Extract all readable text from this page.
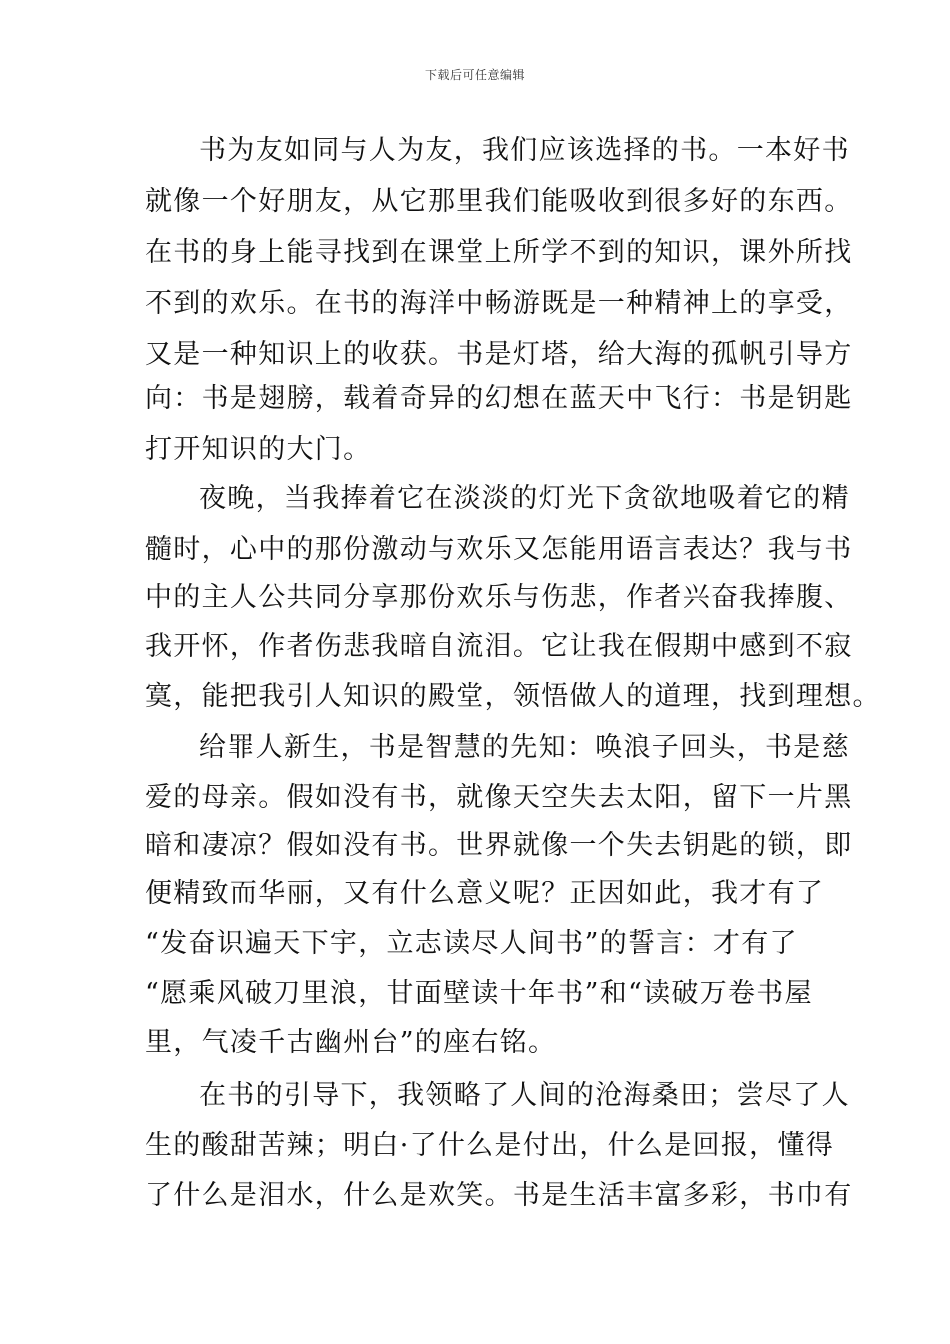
下载后可任意编辑
书为友如同与人为友，我们应该选择的书。一本好书
就像一个好朋友，从它那里我们能吸收到很多好的东西。
在书的身上能寻找到在课堂上所学不到的知识，课外所找
不到的欢乐。在书的海洋中畅游既是一种精神上的享受，
又是一种知识上的收获。书是灯塔，给大海的孤帆引导方
向：书是翅膀，载着奇异的幻想在蓝天中飞行：书是钥匙
打开知识的大门。
夜晚，当我捧着它在淡淡的灯光下贪欲地吸着它的精
髓时，心中的那份激动与欢乐又怎能用语言表达？我与书
中的主人公共同分享那份欢乐与伤悲，作者兴奋我捧腹、
我开怀，作者伤悲我暗自流泪。它让我在假期中感到不寂
寞，能把我引人知识的殿堂，领悟做人的道理，找到理想。
给罪人新生，书是智慧的先知：唤浪子回头，书是慈
爱的母亲。假如没有书，就像天空失去太阳，留下一片黑
暗和凄凉？假如没有书。世界就像一个失去钥匙的锁，即
便精致而华丽，又有什么意义呢？正因如此，我才有了
“发奋识遍天下宇，立志读尽人间书”的誓言：才有了
“愿乘风破刀里浪，甘面壁读十年书”和“读破万卷书屋
里，气凌千古幽州台”的座右铭。
在书的引导下，我领略了人间的沧海桑田；尝尽了人
生的酸甜苦辣；明白·了什么是付出，什么是回报，懂得
了什么是泪水，什么是欢笑。书是生活丰富多彩，书巾有
